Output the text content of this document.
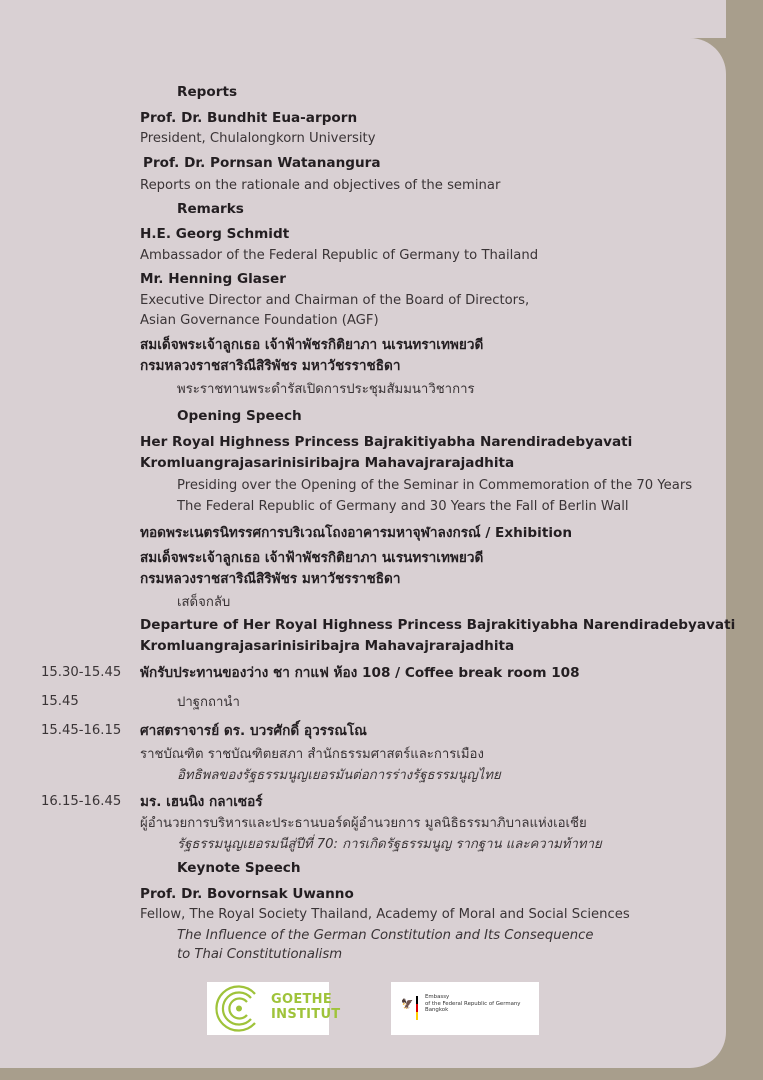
Reports
Prof. Dr. Bundhit Eua-arporn
President, Chulalongkorn University
Prof. Dr. Pornsan Watanangura
Reports on the rationale and objectives of the seminar
Remarks
H.E. Georg Schmidt
Ambassador of the Federal Republic of Germany to Thailand
Mr. Henning Glaser
Executive Director and Chairman of the Board of Directors,
Asian Governance Foundation (AGF)
สมเด็จพระเจ้าลูกเธอ เจ้าฟ้าพัชรกิติยาภา นเรนทราเทพยวดี
กรมหลวงราชสาริณีสิริพัชร มหาวัชรราชธิดา
พระราชทานพระดำรัสเปิดการประชุมสัมมนาวิชาการ
Opening Speech
Her Royal Highness Princess Bajrakitiyabha Narendiradebyavati
Kromluangrajasarinisiribajra Mahavajrarajadhita
Presiding over the Opening of the Seminar in Commemoration of the 70 Years
The Federal Republic of Germany and 30 Years the Fall of Berlin Wall
ทอดพระเนตรนิทรรศการบริเวณโถงอาคารมหาจุฬาลงกรณ์ / Exhibition
สมเด็จพระเจ้าลูกเธอ เจ้าฟ้าพัชรกิติยาภา นเรนทราเทพยวดี
กรมหลวงราชสาริณีสิริพัชร มหาวัชรราชธิดา
เสด็จกลับ
Departure of Her Royal Highness Princess Bajrakitiyabha Narendiradebyavati
Kromluangrajasarinisiribajra Mahavajrarajadhita
15.30-15.45 พักรับประทานของว่าง ชา กาแฟ ห้อง 108 / Coffee break room 108
15.45	ปาฐกถานำ
15.45-16.15 ศาสตราจารย์ ดร. บวรศักดิ์ อุวรรณโณ
ราชบัณฑิต ราชบัณฑิตยสภา สำนักธรรมศาสตร์และการเมือง
อิทธิพลของรัฐธรรมนูญเยอรมันต่อการร่างรัฐธรรมนูญไทย
16.15-16.45 มร. เฮนนิง กลาเซอร์
ผู้อำนวยการบริหารและประธานบอร์ดผู้อำนวยการ มูลนิธิธรรมาภิบาลแห่งเอเชีย
รัฐธรรมนูญเยอรมนีสู่ปีที่ 70: การเกิดรัฐธรรมนูญ รากฐาน และความท้าทาย
Keynote Speech
Prof. Dr. Bovornsak Uwanno
Fellow, The Royal Society Thailand, Academy of Moral and Social Sciences
The Influence of the German Constitution and Its Consequence
to Thai Constitutionalism
GOETHE
INSTITUT
🦅
Embassy
of the Federal Republic of Germany
Bangkok
